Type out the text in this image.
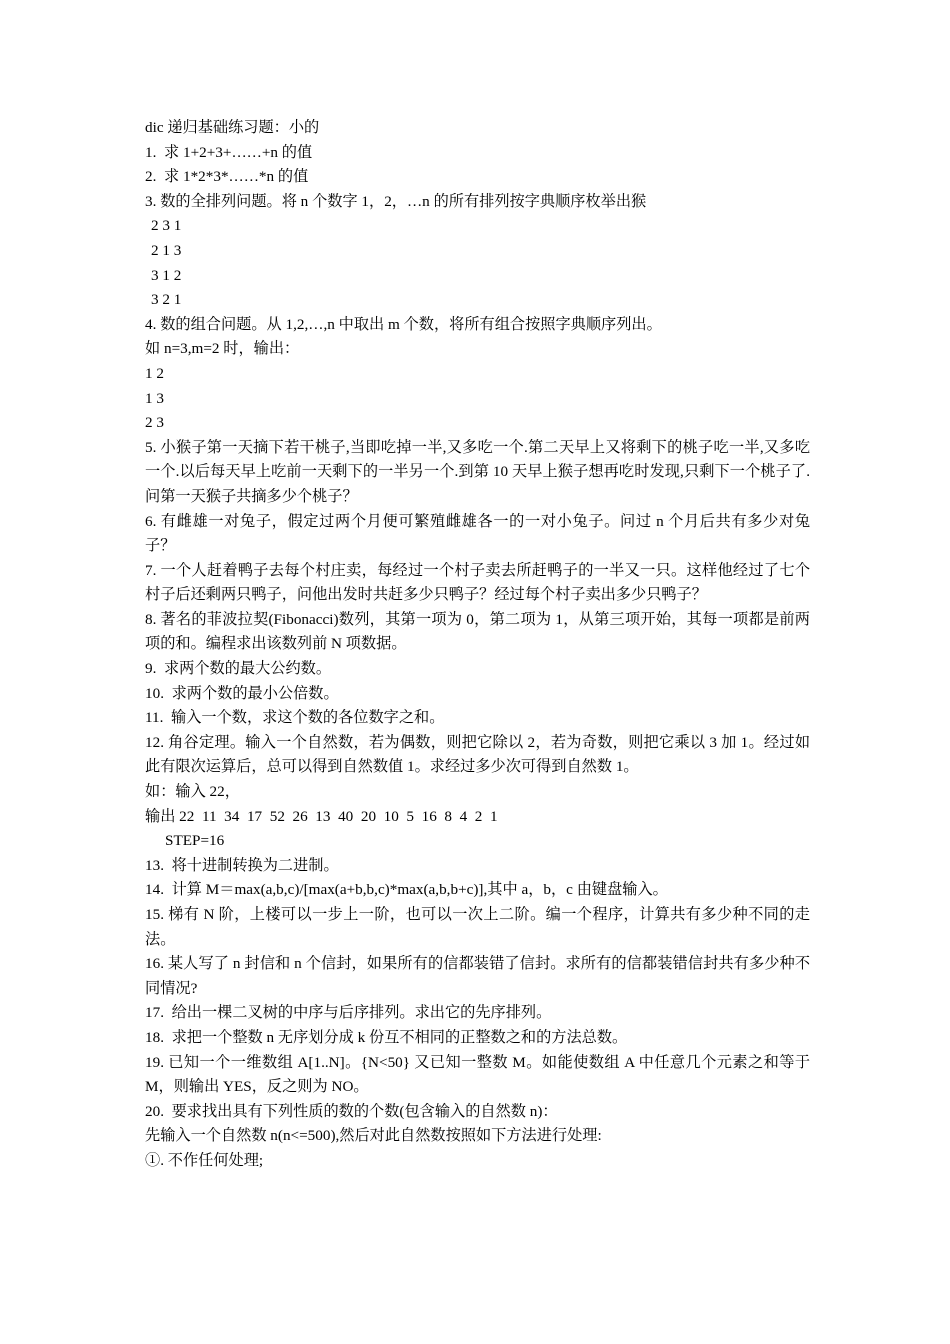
dic 递归基础练习题：小的
1.  求 1+2+3+……+n 的值
2.  求 1*2*3*……*n 的值
3. 数的全排列问题。将 n 个数字 1，2，…n 的所有排列按字典顺序枚举出猴
2 3 1
2 1 3
3 1 2
3 2 1
4. 数的组合问题。从 1,2,…,n 中取出 m 个数，将所有组合按照字典顺序列出。
如 n=3,m=2 时，输出：
1 2
1 3
2 3
5. 小猴子第一天摘下若干桃子,当即吃掉一半,又多吃一个.第二天早上又将剩下的桃子吃一半,又多吃一个.以后每天早上吃前一天剩下的一半另一个.到第 10 天早上猴子想再吃时发现,只剩下一个桃子了.问第一天猴子共摘多少个桃子？
6. 有雌雄一对兔子，假定过两个月便可繁殖雌雄各一的一对小兔子。问过 n 个月后共有多少对兔子？
7. 一个人赶着鸭子去每个村庄卖，每经过一个村子卖去所赶鸭子的一半又一只。这样他经过了七个村子后还剩两只鸭子，问他出发时共赶多少只鸭子？经过每个村子卖出多少只鸭子？
8. 著名的菲波拉契(Fibonacci)数列，其第一项为 0，第二项为 1，从第三项开始，其每一项都是前两项的和。编程求出该数列前 N 项数据。
9.  求两个数的最大公约数。
10.  求两个数的最小公倍数。
11.  输入一个数，求这个数的各位数字之和。
12. 角谷定理。输入一个自然数，若为偶数，则把它除以 2，若为奇数，则把它乘以 3 加 1。经过如此有限次运算后，总可以得到自然数值 1。求经过多少次可得到自然数 1。
如：输入 22，
输出 22  11  34  17  52  26  13  40  20  10  5  16  8  4  2  1
STEP=16
13.  将十进制转换为二进制。
14.  计算 M＝max(a,b,c)/[max(a+b,b,c)*max(a,b,b+c)],其中 a，b，c 由键盘输入。
15. 梯有 N 阶，上楼可以一步上一阶，也可以一次上二阶。编一个程序，计算共有多少种不同的走法。
16. 某人写了 n 封信和 n 个信封，如果所有的信都装错了信封。求所有的信都装错信封共有多少种不同情况?
17.  给出一棵二叉树的中序与后序排列。求出它的先序排列。
18.  求把一个整数 n 无序划分成 k 份互不相同的正整数之和的方法总数。
19. 已知一个一维数组 A[1..N]。{N<50} 又已知一整数 M。如能使数组 A 中任意几个元素之和等于 M，则输出 YES，反之则为 NO。
20.  要求找出具有下列性质的数的个数(包含输入的自然数 n)：
先输入一个自然数 n(n<=500),然后对此自然数按照如下方法进行处理:
①. 不作任何处理;
